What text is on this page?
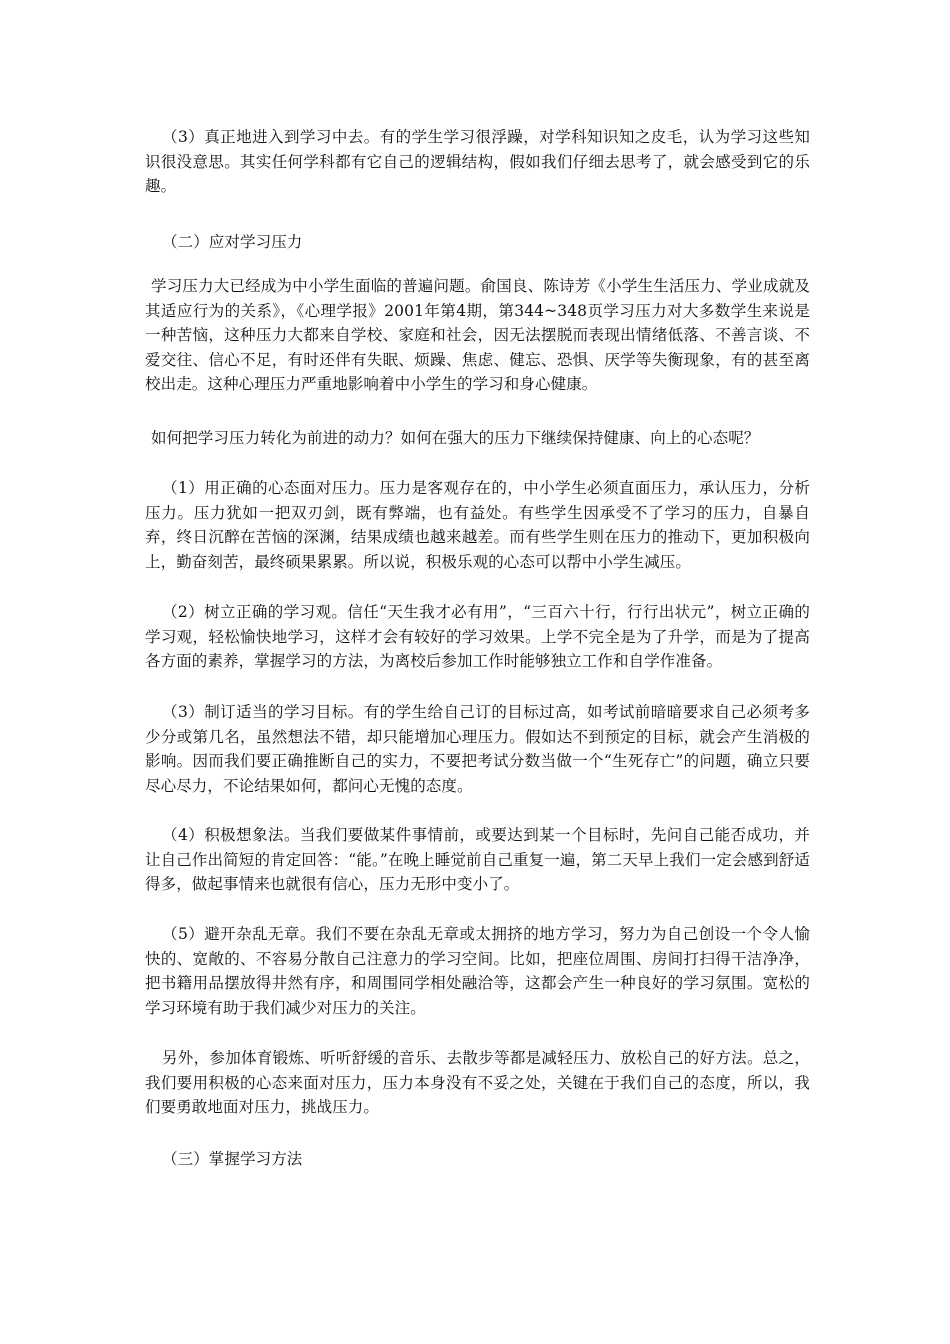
（3）真正地进入到学习中去。有的学生学习很浮躁，对学科知识知之皮毛，认为学习这些知识很没意思。其实任何学科都有它自己的逻辑结构，假如我们仔细去思考了，就会感受到它的乐趣。

（二）应对学习压力

学习压力大已经成为中小学生面临的普遍问题。俞国良、陈诗芳《小学生生活压力、学业成就及其适应行为的关系》，《心理学报》2001年第4期，第344~348页学习压力对大多数学生来说是一种苦恼，这种压力大都来自学校、家庭和社会，因无法摆脱而表现出情绪低落、不善言谈、不爱交往、信心不足，有时还伴有失眠、烦躁、焦虑、健忘、恐惧、厌学等失衡现象，有的甚至离校出走。这种心理压力严重地影响着中小学生的学习和身心健康。

如何把学习压力转化为前进的动力？如何在强大的压力下继续保持健康、向上的心态呢？

（1）用正确的心态面对压力。压力是客观存在的，中小学生必须直面压力，承认压力，分析压力。压力犹如一把双刃剑，既有弊端，也有益处。有些学生因承受不了学习的压力，自暴自弃，终日沉醉在苦恼的深渊，结果成绩也越来越差。而有些学生则在压力的推动下，更加积极向上，勤奋刻苦，最终硕果累累。所以说，积极乐观的心态可以帮中小学生减压。

（2）树立正确的学习观。信任“天生我才必有用”，“三百六十行，行行出状元”，树立正确的学习观，轻松愉快地学习，这样才会有较好的学习效果。上学不完全是为了升学，而是为了提高各方面的素养，掌握学习的方法，为离校后参加工作时能够独立工作和自学作准备。

（3）制订适当的学习目标。有的学生给自己订的目标过高，如考试前暗暗要求自己必须考多少分或第几名，虽然想法不错，却只能增加心理压力。假如达不到预定的目标，就会产生消极的影响。因而我们要正确推断自己的实力，不要把考试分数当做一个“生死存亡”的问题，确立只要尽心尽力，不论结果如何，都问心无愧的态度。

（4）积极想象法。当我们要做某件事情前，或要达到某一个目标时，先问自己能否成功，并让自己作出简短的肯定回答：“能。”在晚上睡觉前自己重复一遍，第二天早上我们一定会感到舒适得多，做起事情来也就很有信心，压力无形中变小了。

（5）避开杂乱无章。我们不要在杂乱无章或太拥挤的地方学习，努力为自己创设一个令人愉快的、宽敞的、不容易分散自己注意力的学习空间。比如，把座位周围、房间打扫得干洁净净，把书籍用品摆放得井然有序，和周围同学相处融洽等，这都会产生一种良好的学习氛围。宽松的学习环境有助于我们减少对压力的关注。

另外，参加体育锻炼、听听舒缓的音乐、去散步等都是减轻压力、放松自己的好方法。总之，我们要用积极的心态来面对压力，压力本身没有不妥之处，关键在于我们自己的态度，所以，我们要勇敢地面对压力，挑战压力。

（三）掌握学习方法
